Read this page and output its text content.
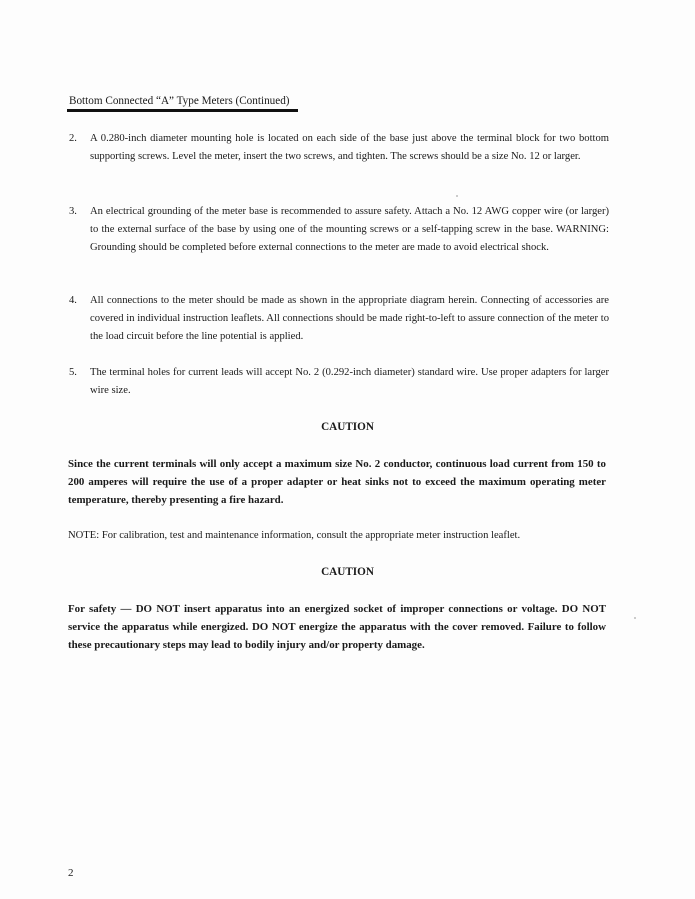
Bottom Connected “A” Type Meters (Continued)
2.	A 0.280-inch diameter mounting hole is located on each side of the base just above the terminal block for two bottom supporting screws. Level the meter, insert the two screws, and tighten. The screws should be a size No. 12 or larger.
3.	An electrical grounding of the meter base is recommended to assure safety. Attach a No. 12 AWG copper wire (or larger) to the external surface of the base by using one of the mounting screws or a self-tapping screw in the base. WARNING: Grounding should be completed before external connections to the meter are made to avoid electrical shock.
4.	All connections to the meter should be made as shown in the appropriate diagram herein. Connecting of accessories are covered in individual instruction leaflets. All connections should be made right-to-left to assure connection of the meter to the load circuit before the line potential is applied.
5.	The terminal holes for current leads will accept No. 2 (0.292-inch diameter) standard wire. Use proper adapters for larger wire size.
CAUTION
Since the current terminals will only accept a maximum size No. 2 conductor, continuous load current from 150 to 200 amperes will require the use of a proper adapter or heat sinks not to exceed the maximum operating meter temperature, thereby presenting a fire hazard.
NOTE: For calibration, test and maintenance information, consult the appropriate meter instruction leaflet.
CAUTION
For safety — DO NOT insert apparatus into an energized socket of improper connections or voltage. DO NOT service the apparatus while energized. DO NOT energize the apparatus with the cover removed. Failure to follow these precautionary steps may lead to bodily injury and/or property damage.
2
